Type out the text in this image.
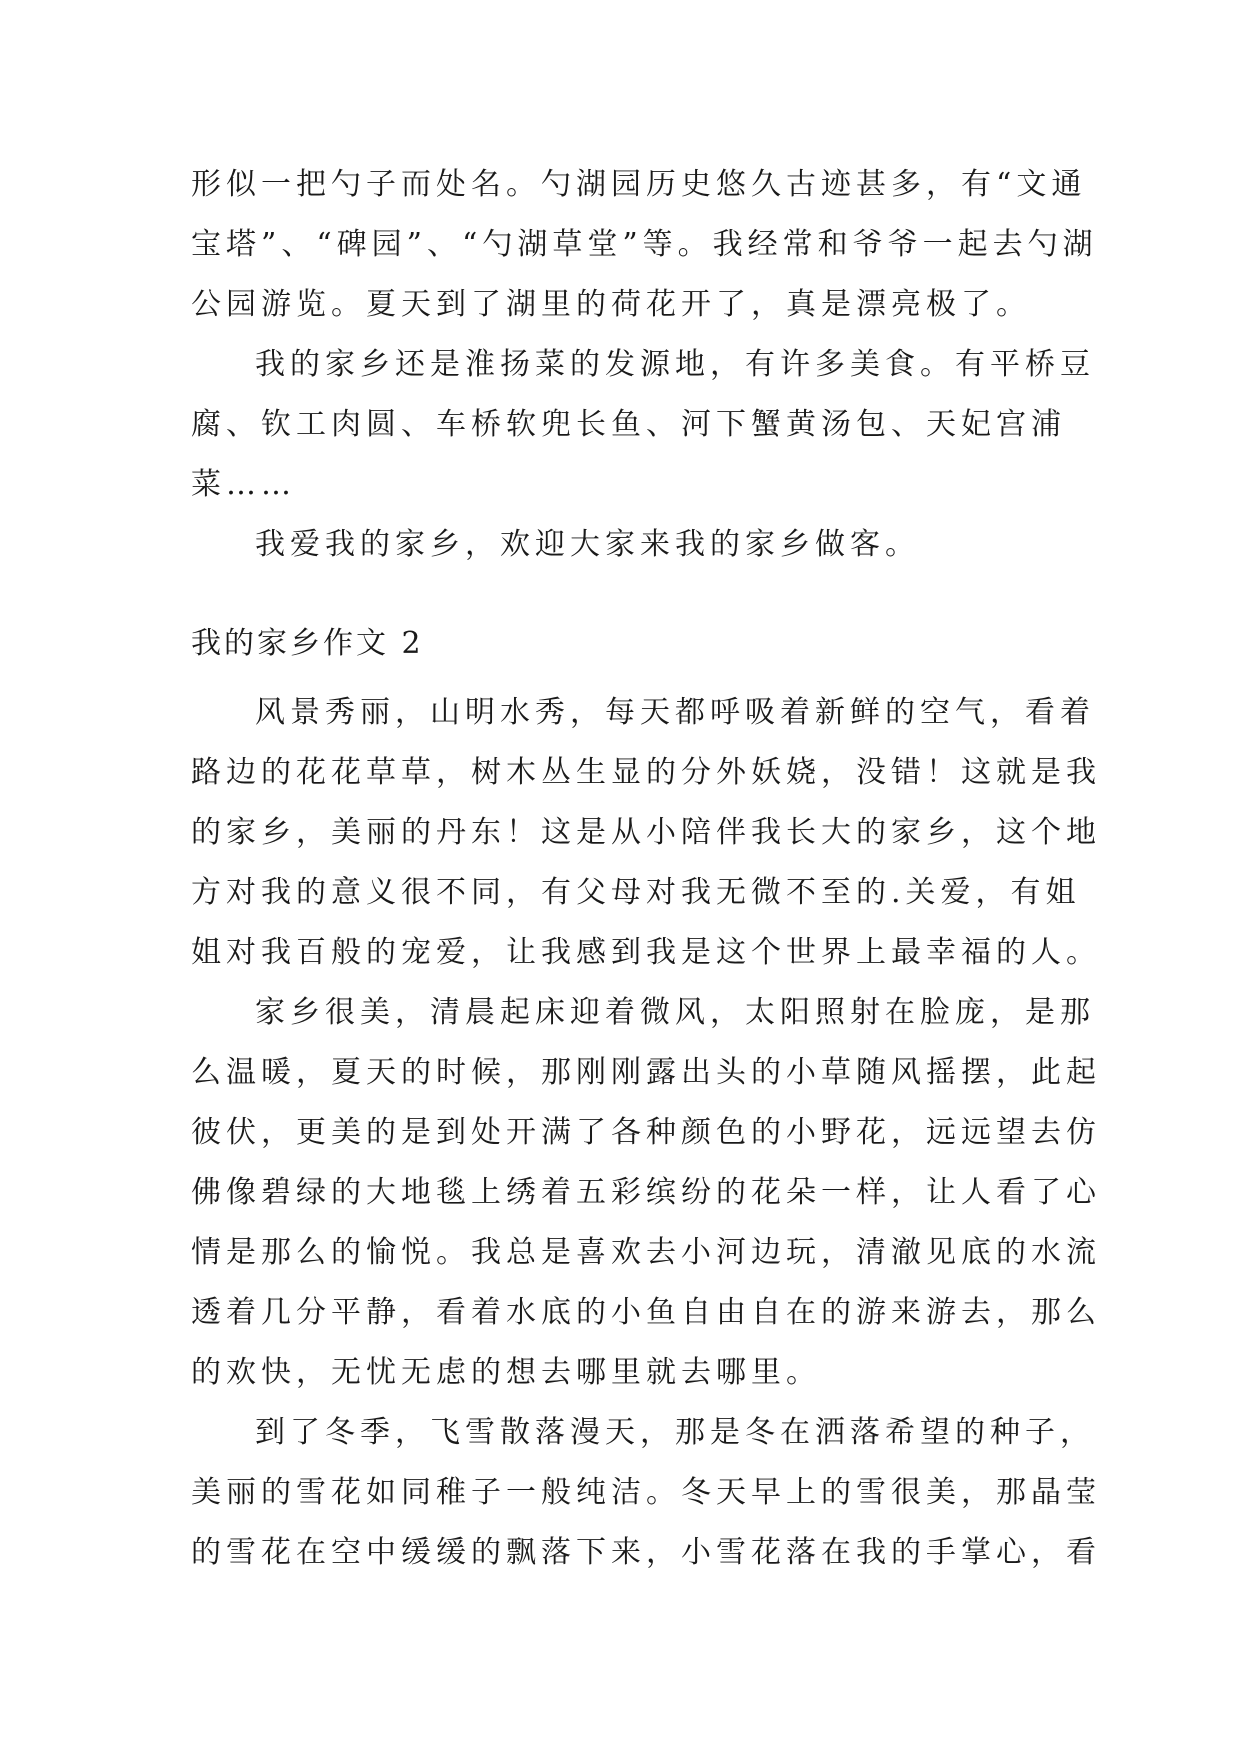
形似一把勺子而处名。勺湖园历史悠久古迹甚多，有“文通
宝塔”、“碑园”、“勺湖草堂”等。我经常和爷爷一起去勺湖
公园游览。夏天到了湖里的荷花开了，真是漂亮极了。
我的家乡还是淮扬菜的发源地，有许多美食。有平桥豆
腐、钦工肉圆、车桥软兜长鱼、河下蟹黄汤包、天妃宫浦
菜……
我爱我的家乡，欢迎大家来我的家乡做客。
我的家乡作文 2
风景秀丽，山明水秀，每天都呼吸着新鲜的空气，看着
路边的花花草草，树木丛生显的分外妖娆，没错！这就是我
的家乡，美丽的丹东！这是从小陪伴我长大的家乡，这个地
方对我的意义很不同，有父母对我无微不至的.关爱，有姐
姐对我百般的宠爱，让我感到我是这个世界上最幸福的人。
家乡很美，清晨起床迎着微风，太阳照射在脸庞，是那
么温暖，夏天的时候，那刚刚露出头的小草随风摇摆，此起
彼伏，更美的是到处开满了各种颜色的小野花，远远望去仿
佛像碧绿的大地毯上绣着五彩缤纷的花朵一样，让人看了心
情是那么的愉悦。我总是喜欢去小河边玩，清澈见底的水流
透着几分平静，看着水底的小鱼自由自在的游来游去，那么
的欢快，无忧无虑的想去哪里就去哪里。
到了冬季，飞雪散落漫天，那是冬在洒落希望的种子，
美丽的雪花如同稚子一般纯洁。冬天早上的雪很美，那晶莹
的雪花在空中缓缓的飘落下来，小雪花落在我的手掌心，看
